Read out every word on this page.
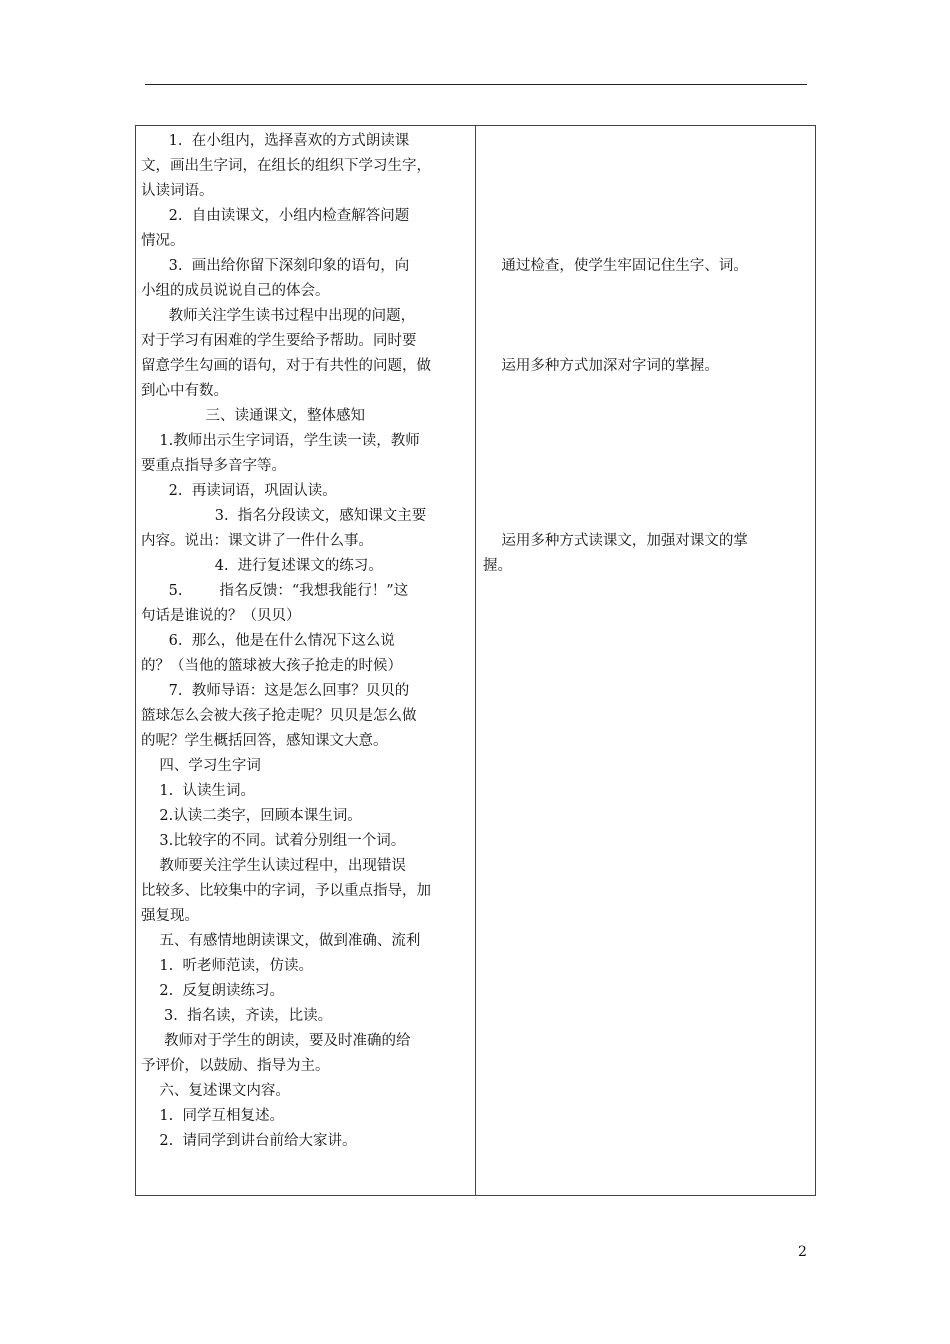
1.  在小组内，选择喜欢的方式朗读课
文，画出生字词，在组长的组织下学习生字，
认读词语。
2.  自由读课文，小组内检查解答问题
情况。
3.  画出给你留下深刻印象的语句，向
小组的成员说说自己的体会。
教师关注学生读书过程中出现的问题，
对于学习有困难的学生要给予帮助。同时要
留意学生勾画的语句，对于有共性的问题，做
到心中有数。
三、读通课文，整体感知
1.教师出示生字词语，学生读一读，教师
要重点指导多音字等。
2.  再读词语，巩固认读。
3.  指名分段读文，感知课文主要
内容。说出：课文讲了一件什么事。
4.  进行复述课文的练习。
5.        指名反馈：“我想我能行！”这
句话是谁说的？（贝贝）
6.  那么，他是在什么情况下这么说
的？（当他的篮球被大孩子抢走的时候）
7.  教师导语：这是怎么回事？贝贝的
篮球怎么会被大孩子抢走呢？贝贝是怎么做
的呢？学生概括回答，感知课文大意。
四、学习生字词
1.  认读生词。
2.认读二类字，回顾本课生词。
3.比较字的不同。试着分别组一个词。
教师要关注学生认读过程中，出现错误
比较多、比较集中的字词，予以重点指导，加
强复现。
五、有感情地朗读课文，做到准确、流利
1.  听老师范读，仿读。
2.  反复朗读练习。
3.  指名读，齐读，比读。
教师对于学生的朗读，要及时准确的给
予评价，以鼓励、指导为主。
六、复述课文内容。
1.  同学互相复述。
2.  请同学到讲台前给大家讲。
通过检查，使学生牢固记住生字、词。
运用多种方式加深对字词的掌握。
运用多种方式读课文，加强对课文的掌
握。
2
